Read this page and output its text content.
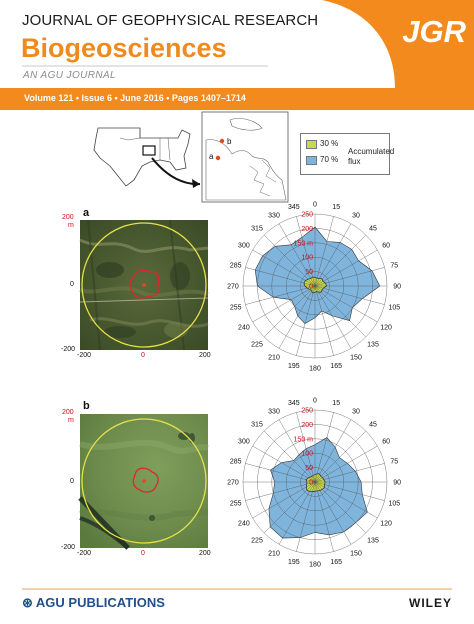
JOURNAL OF GEOPHYSICAL RESEARCH
Biogeosciences
AN AGU JOURNAL
JGR
Volume 121 • Issue 6 • June 2016 • Pages 1407–1714
b
a
30 %
70 %
Accumulated
flux
a
200
m
0
-200
-200	0	200
b
200
m
0
-200
-200	0	200
0 15
30
45
60
75
90
105
120
135
150
165
180
195
210
225
240
255
270
285
300
315
330
345
0
50
100
150 m
200
250
0 15
30
45
60
75
90
105
120
135
150
165
180
195
210
225
240
255
270
285
300
315
330
345
0
50
100
150 m
200
250
⊛ AGU PUBLICATIONS	WILEY
